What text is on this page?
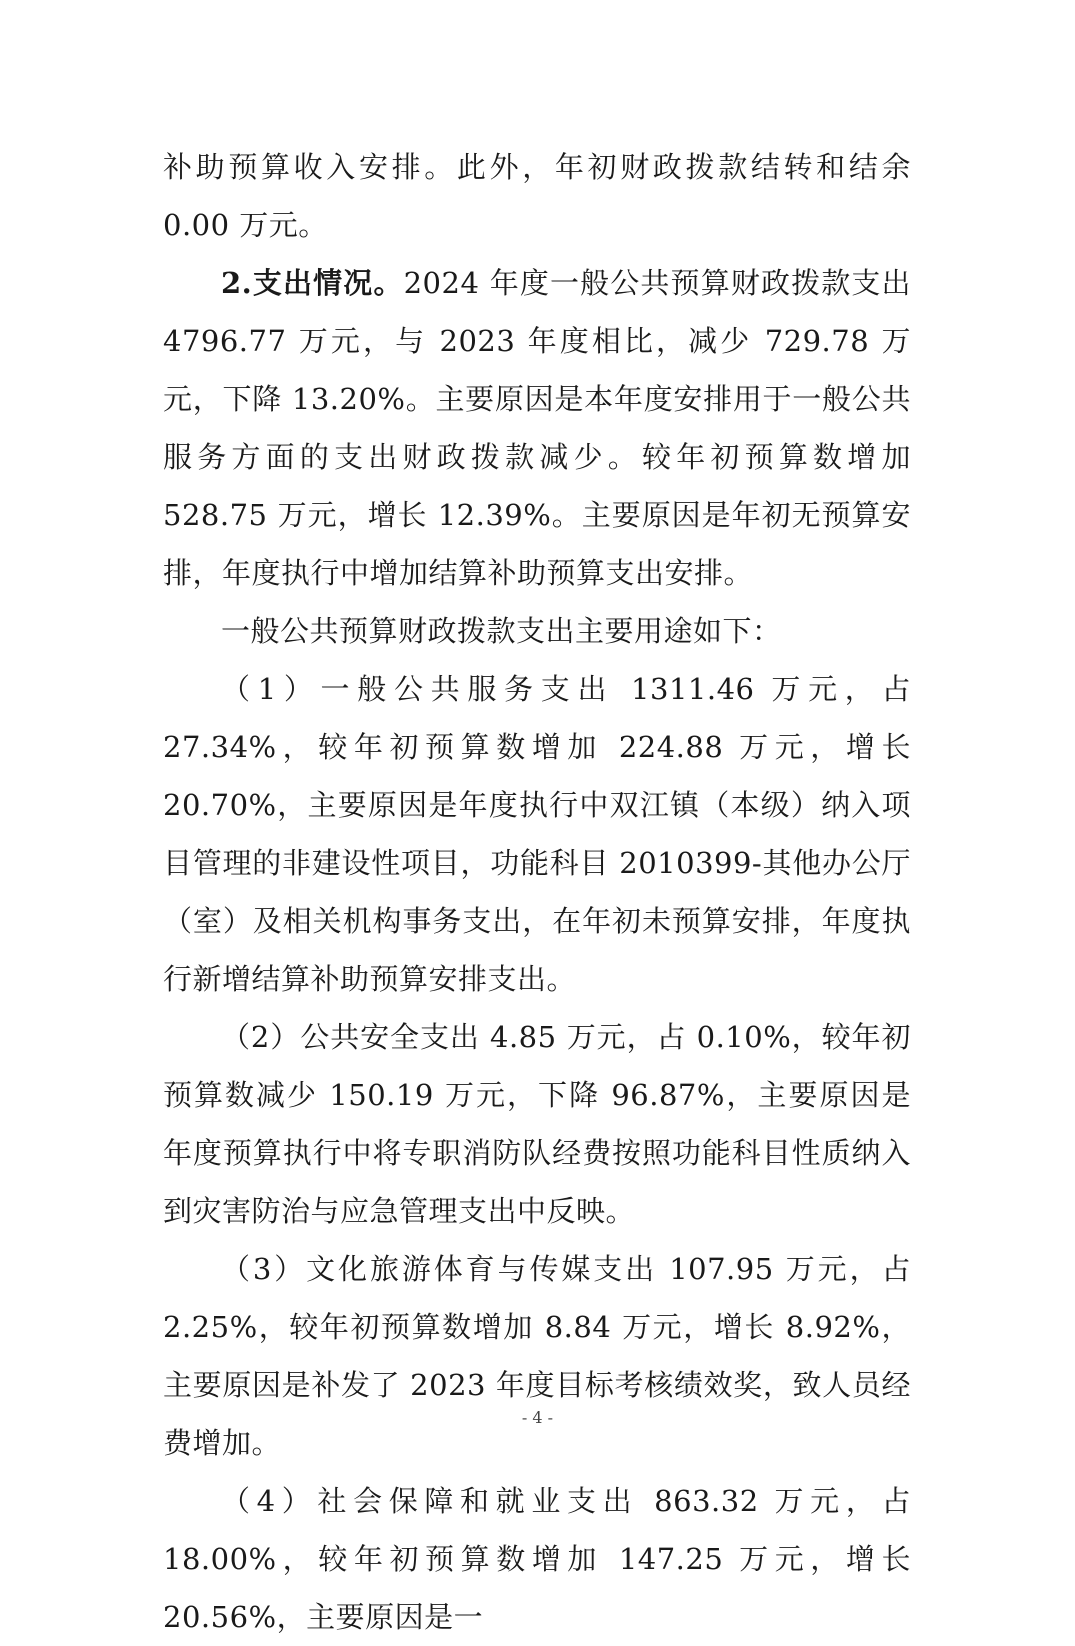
补助预算收入安排。此外，年初财政拨款结转和结余 0.00 万元。

2.支出情况。2024 年度一般公共预算财政拨款支出 4796.77 万元，与 2023 年度相比，减少 729.78 万元，下降 13.20%。主要原因是本年度安排用于一般公共服务方面的支出财政拨款减少。较年初预算数增加 528.75 万元，增长 12.39%。主要原因是年初无预算安排，年度执行中增加结算补助预算支出安排。

一般公共预算财政拨款支出主要用途如下：

（1）一般公共服务支出 1311.46 万元，占 27.34%，较年初预算数增加 224.88 万元，增长 20.70%，主要原因是年度执行中双江镇（本级）纳入项目管理的非建设性项目，功能科目 2010399-其他办公厅（室）及相关机构事务支出，在年初未预算安排，年度执行新增结算补助预算安排支出。

（2）公共安全支出 4.85 万元，占 0.10%，较年初预算数减少 150.19 万元，下降 96.87%，主要原因是年度预算执行中将专职消防队经费按照功能科目性质纳入到灾害防治与应急管理支出中反映。

（3）文化旅游体育与传媒支出 107.95 万元，占 2.25%，较年初预算数增加 8.84 万元，增长 8.92%，主要原因是补发了 2023 年度目标考核绩效奖，致人员经费增加。

（4）社会保障和就业支出 863.32 万元，占 18.00%，较年初预算数增加 147.25 万元，增长 20.56%，主要原因是一

- 4 -
